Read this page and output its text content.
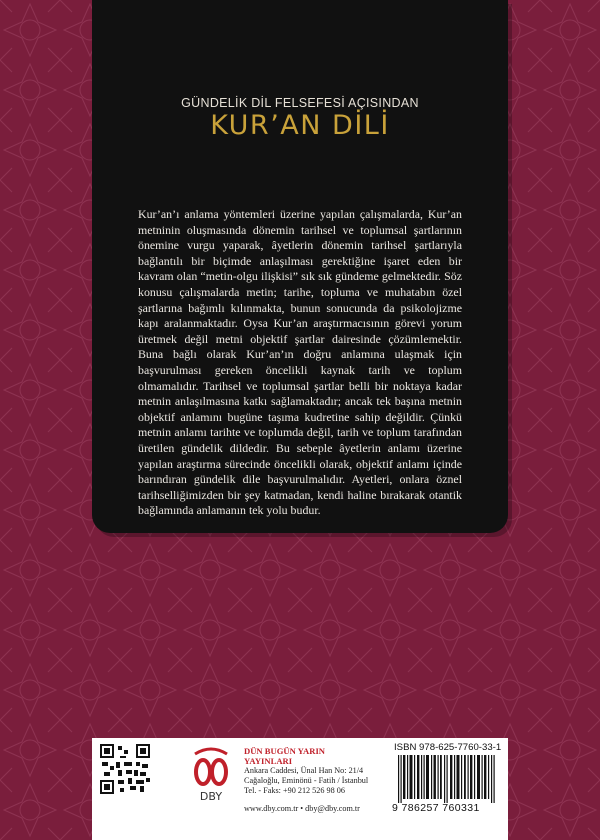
GÜNDELİK DİL FELSEFESİ AÇISINDAN
KUR’AN DİLİ

Kur’an’ı anlama yöntemleri üzerine yapılan çalışmalarda, Kur’an metninin oluşmasında dönemin tarihsel ve toplumsal şartlarının önemine vurgu yaparak, âyetlerin dönemin tarihsel şartlarıyla bağlantılı bir biçimde anlaşılması gerektiğine işaret eden bir kavram olan “metin-olgu ilişkisi” sık sık gündeme gelmektedir. Söz konusu çalışmalarda metin; tarihe, topluma ve muhatabın özel şartlarına bağımlı kılınmakta, bunun sonucunda da psikolojizme kapı aralanmaktadır. Oysa Kur’an araştırmacısının görevi yorum üretmek değil metni objektif şartlar dairesinde çözümlemektir. Buna bağlı olarak Kur’an’ın doğru anlamına ulaşmak için başvurulması gereken öncelikli kaynak tarih ve toplum olmamalıdır. Tarihsel ve toplumsal şartlar belli bir noktaya kadar metnin anlaşılmasına katkı sağlamaktadır; ancak tek başına metnin objektif anlamını bugüne taşıma kudretine sahip değildir. Çünkü metnin anlamı tarihte ve toplumda değil, tarih ve toplum tarafından üretilen gündelik dildedir. Bu sebeple âyetlerin anlamı üzerine yapılan araştırma sürecinde öncelikli olarak, objektif anlamı içinde barındıran gündelik dile başvurulmalıdır. Ayetleri, onlara öznel tarihselliğimizden bir şey katmadan, kendi haline bırakarak otantik bağlamında anlamanın tek yolu budur.

DBY
DÜN BUGÜN YARIN YAYINLARI
Ankara Caddesi, Ünal Han No: 21/4
Cağaloğlu, Eminönü - Fatih / İstanbul
Tel. - Faks: +90 212 526 98 06
www.dby.com.tr • dby@dby.com.tr
ISBN 978-625-7760-33-1
9 786257 760331
